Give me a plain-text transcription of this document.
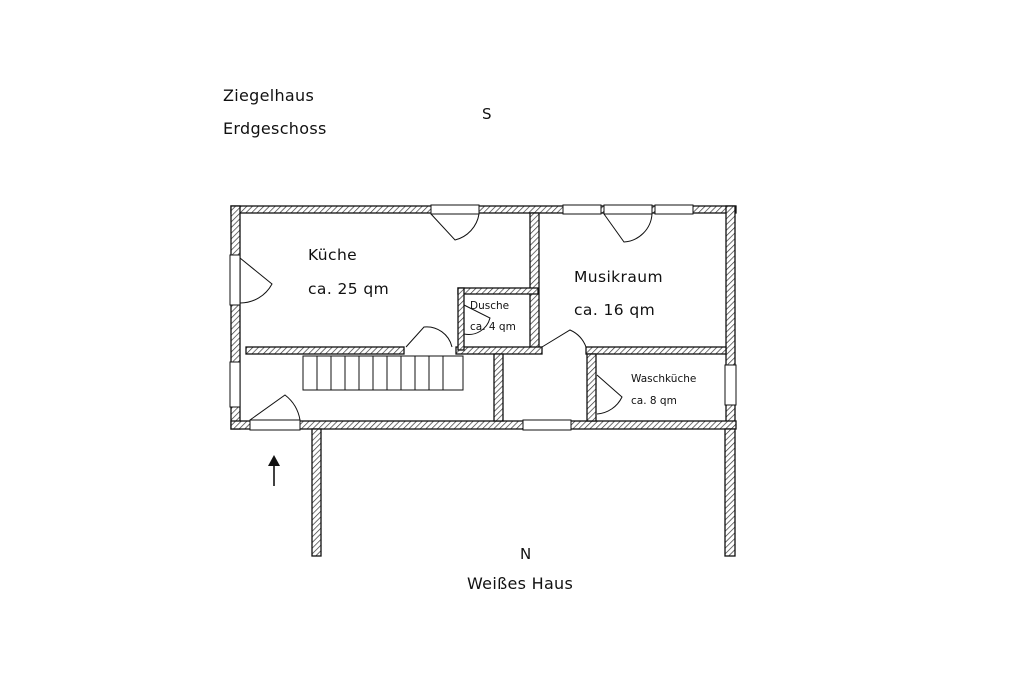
Ziegelhaus
Erdgeschoss
S
Küche
ca. 25 qm
Musikraum
ca. 16 qm
Dusche
ca. 4 qm
Waschküche
ca. 8 qm
N
Weißes Haus
